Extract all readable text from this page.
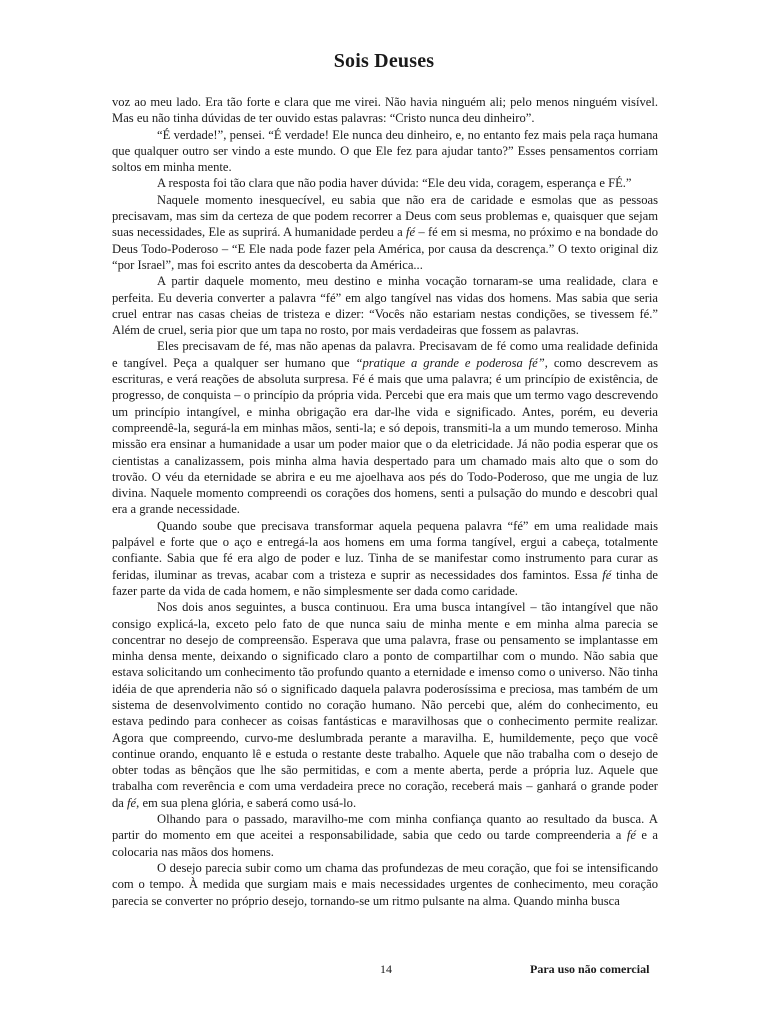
Sois Deuses

voz ao meu lado. Era tão forte e clara que me virei. Não havia ninguém ali; pelo menos ninguém visível. Mas eu não tinha dúvidas de ter ouvido estas palavras: “Cristo nunca deu dinheiro”.

“É verdade!”, pensei. “É verdade! Ele nunca deu dinheiro, e, no entanto fez mais pela raça humana que qualquer outro ser vindo a este mundo. O que Ele fez para ajudar tanto?” Esses pensamentos corriam soltos em minha mente.

A resposta foi tão clara que não podia haver dúvida: “Ele deu vida, coragem, esperança e FÉ.”

Naquele momento inesquecível, eu sabia que não era de caridade e esmolas que as pessoas precisavam, mas sim da certeza de que podem recorrer a Deus com seus problemas e, quaisquer que sejam suas necessidades, Ele as suprirá. A humanidade perdeu a fé – fé em si mesma, no próximo e na bondade do Deus Todo-Poderoso – “E Ele nada pode fazer pela América, por causa da descrença.” O texto original diz “por Israel”, mas foi escrito antes da descoberta da América...

A partir daquele momento, meu destino e minha vocação tornaram-se uma realidade, clara e perfeita. Eu deveria converter a palavra “fé” em algo tangível nas vidas dos homens. Mas sabia que seria cruel entrar nas casas cheias de tristeza e dizer: “Vocês não estariam nestas condições, se tivessem fé.” Além de cruel, seria pior que um tapa no rosto, por mais verdadeiras que fossem as palavras.

Eles precisavam de fé, mas não apenas da palavra. Precisavam de fé como uma realidade definida e tangível. Peça a qualquer ser humano que “pratique a grande e poderosa fé”, como descrevem as escrituras, e verá reações de absoluta surpresa. Fé é mais que uma palavra; é um princípio de existência, de progresso, de conquista – o princípio da própria vida. Percebi que era mais que um termo vago descrevendo um princípio intangível, e minha obrigação era dar-lhe vida e significado. Antes, porém, eu deveria compreendê-la, segurá-la em minhas mãos, senti-la; e só depois, transmiti-la a um mundo temeroso. Minha missão era ensinar a humanidade a usar um poder maior que o da eletricidade. Já não podia esperar que os cientistas a canalizassem, pois minha alma havia despertado para um chamado mais alto que o som do trovão. O véu da eternidade se abrira e eu me ajoelhava aos pés do Todo-Poderoso, que me ungia de luz divina. Naquele momento compreendi os corações dos homens, senti a pulsação do mundo e descobri qual era a grande necessidade.

Quando soube que precisava transformar aquela pequena palavra “fé” em uma realidade mais palpável e forte que o aço e entregá-la aos homens em uma forma tangível, ergui a cabeça, totalmente confiante. Sabia que fé era algo de poder e luz. Tinha de se manifestar como instrumento para curar as feridas, iluminar as trevas, acabar com a tristeza e suprir as necessidades dos famintos. Essa fé tinha de fazer parte da vida de cada homem, e não simplesmente ser dada como caridade.

Nos dois anos seguintes, a busca continuou. Era uma busca intangível – tão intangível que não consigo explicá-la, exceto pelo fato de que nunca saiu de minha mente e em minha alma parecia se concentrar no desejo de compreensão. Esperava que uma palavra, frase ou pensamento se implantasse em minha densa mente, deixando o significado claro a ponto de compartilhar com o mundo. Não sabia que estava solicitando um conhecimento tão profundo quanto a eternidade e imenso como o universo. Não tinha idéia de que aprenderia não só o significado daquela palavra poderosíssima e preciosa, mas também de um sistema de desenvolvimento contido no coração humano. Não percebi que, além do conhecimento, eu estava pedindo para conhecer as coisas fantásticas e maravilhosas que o conhecimento permite realizar. Agora que compreendo, curvo-me deslumbrada perante a maravilha. E, humildemente, peço que você continue orando, enquanto lê e estuda o restante deste trabalho. Aquele que não trabalha com o desejo de obter todas as bênçãos que lhe são permitidas, e com a mente aberta, perde a própria luz. Aquele que trabalha com reverência e com uma verdadeira prece no coração, receberá mais – ganhará o grande poder da fé, em sua plena glória, e saberá como usá-lo.

Olhando para o passado, maravilho-me com minha confiança quanto ao resultado da busca. A partir do momento em que aceitei a responsabilidade, sabia que cedo ou tarde compreenderia a fé e a colocaria nas mãos dos homens.

O desejo parecia subir como um chama das profundezas de meu coração, que foi se intensificando com o tempo. À medida que surgiam mais e mais necessidades urgentes de conhecimento, meu coração parecia se converter no próprio desejo, tornando-se um ritmo pulsante na alma. Quando minha busca

14	Para uso não comercial
